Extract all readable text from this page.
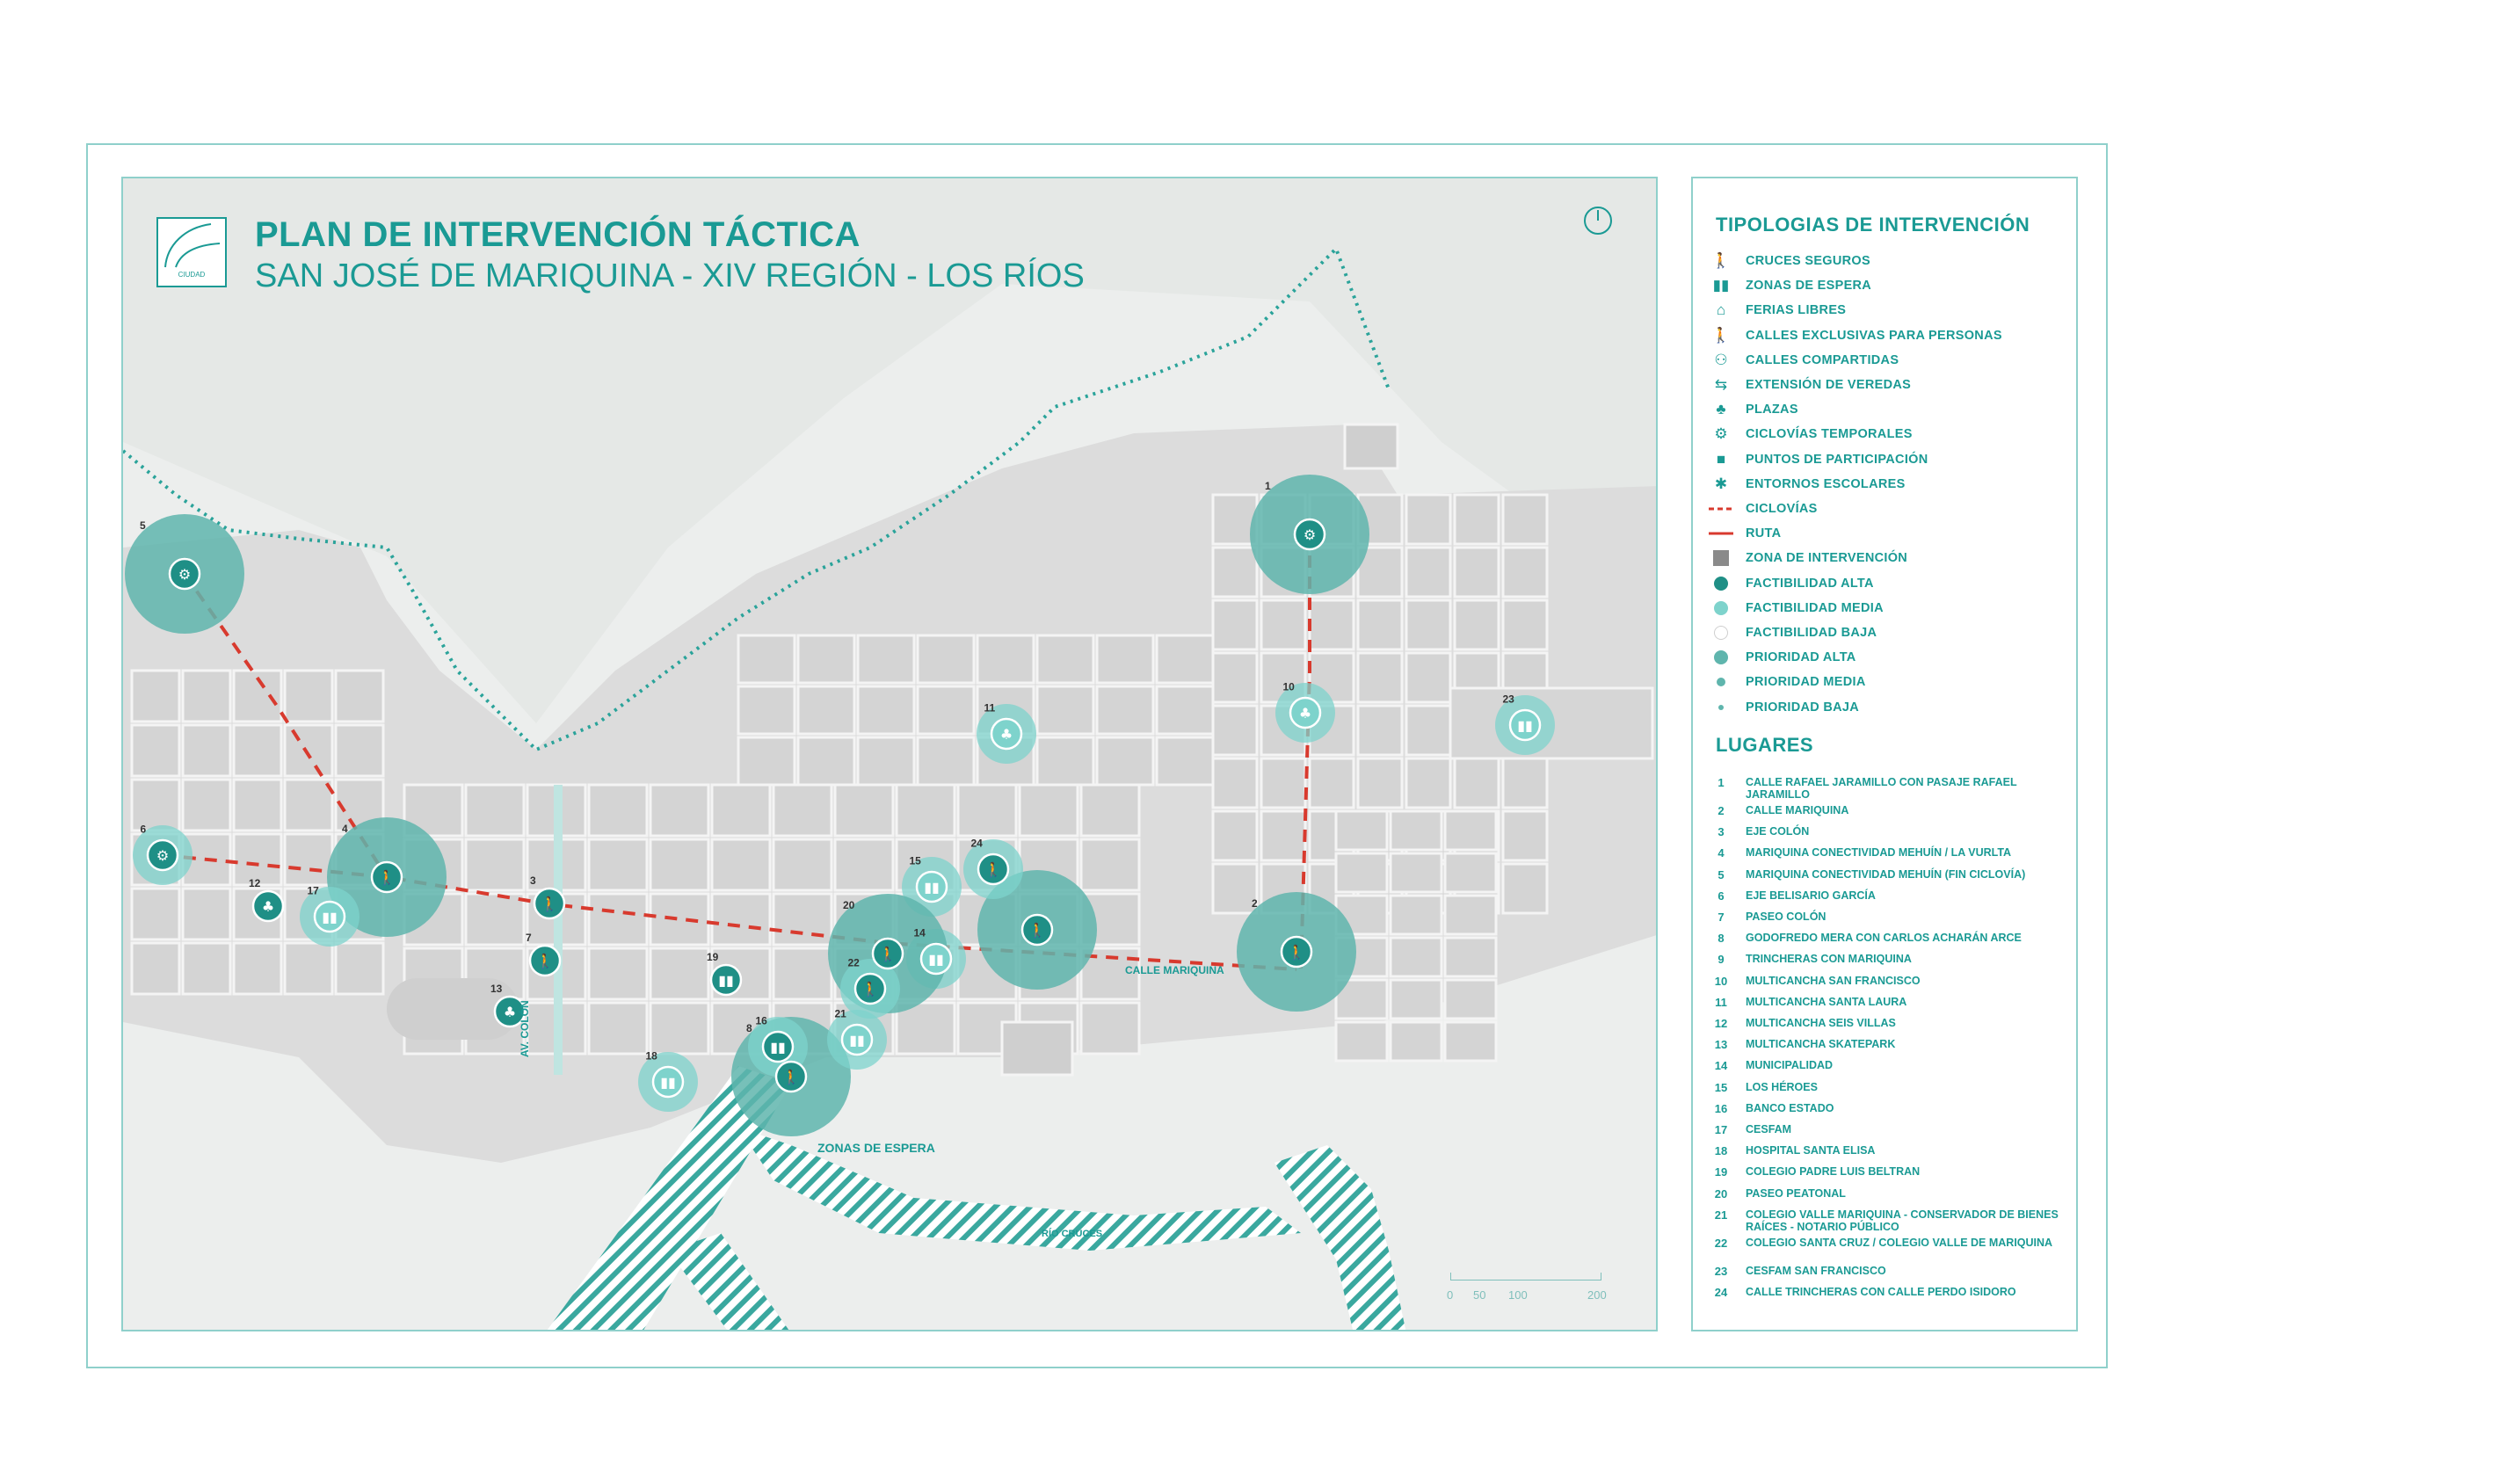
⚙
1
🚶
2
🚶
3
🚶
4
⚙
5
⚙
6
🚶
7
🚶
8
🚶
♣
10
♣
11
♣
12
♣
13
▮▮
14
▮▮
15
▮▮
16
▮▮
17
▮▮
18
▮▮
19	🚶
20
▮▮
21
🚶
22
▮▮
23
🚶
24
CIUDAD
PLAN DE INTERVENCIÓN TÁCTICA
SAN JOSÉ DE MARIQUINA - XIV REGIÓN - LOS RÍOS
CALLE MARIQUINA
AV. COLÓN
ZONAS DE ESPERA
RÍO CRUCES
0 50 100	200
TIPOLOGIAS DE INTERVENCIÓN
🚶 CRUCES SEGUROS
▮▮	ZONAS DE ESPERA
⌂	FERIAS LIBRES
🚶 CALLES EXCLUSIVAS PARA PERSONAS
⚇	CALLES COMPARTIDAS
⇆	EXTENSIÓN DE VEREDAS
♣	PLAZAS
⚙	CICLOVÍAS TEMPORALES
■	PUNTOS DE PARTICIPACIÓN
✱	ENTORNOS ESCOLARES
CICLOVÍAS
RUTA
ZONA DE INTERVENCIÓN
FACTIBILIDAD ALTA
FACTIBILIDAD MEDIA
FACTIBILIDAD BAJA
PRIORIDAD ALTA
PRIORIDAD MEDIA
PRIORIDAD BAJA
LUGARES
1	CALLE RAFAEL JARAMILLO CON PASAJE RAFAEL JARAMILLO
2	CALLE MARIQUINA
3	EJE COLÓN
4	MARIQUINA CONECTIVIDAD MEHUÍN / LA VURLTA
5	MARIQUINA CONECTIVIDAD MEHUÍN (FIN CICLOVÍA)
6	EJE BELISARIO GARCÍA
7	PASEO COLÓN
8	GODOFREDO MERA CON CARLOS ACHARÁN ARCE
9	TRINCHERAS CON MARIQUINA
10	MULTICANCHA SAN FRANCISCO
11	MULTICANCHA SANTA LAURA
12	MULTICANCHA SEIS VILLAS
13	MULTICANCHA SKATEPARK
14	MUNICIPALIDAD
15	LOS HÉROES
16	BANCO ESTADO
17	CESFAM
18	HOSPITAL SANTA ELISA
19	COLEGIO PADRE LUIS BELTRAN
20	PASEO PEATONAL
21	COLEGIO VALLE MARIQUINA - CONSERVADOR DE BIENES RAÍCES - NOTARIO PÚBLICO
22	COLEGIO SANTA CRUZ / COLEGIO VALLE DE MARIQUINA
23	CESFAM SAN FRANCISCO
24	CALLE TRINCHERAS CON CALLE PERDO ISIDORO
